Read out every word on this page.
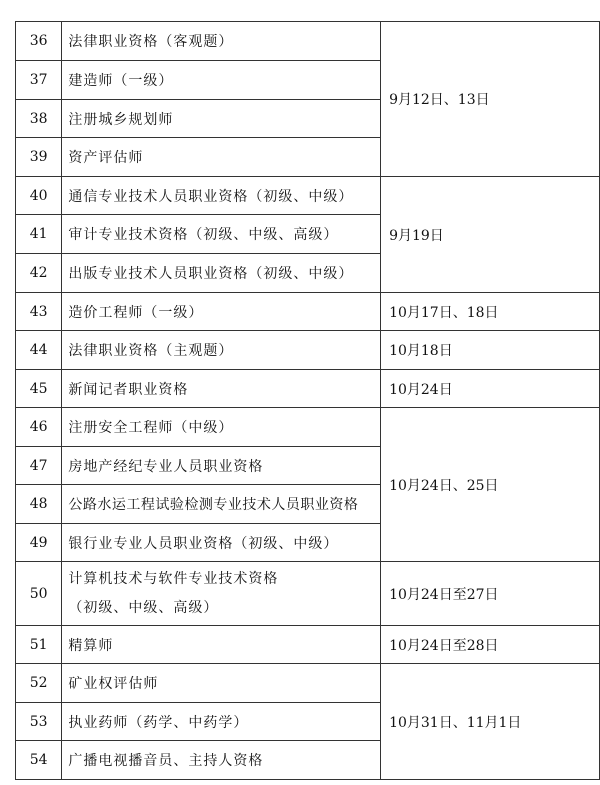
36	法律职业资格（客观题）	9月12日、13日
37	建造师（一级）	
38	注册城乡规划师	
39	资产评估师	
40	通信专业技术人员职业资格（初级、中级）	9月19日
41	审计专业技术资格（初级、中级、高级）	
42	出版专业技术人员职业资格（初级、中级）	
43	造价工程师（一级）	10月17日、18日
44	法律职业资格（主观题）	10月18日
45	新闻记者职业资格	10月24日
46	注册安全工程师（中级）	10月24日、25日
47	房地产经纪专业人员职业资格	
48	公路水运工程试验检测专业技术人员职业资格	
49	银行业专业人员职业资格（初级、中级）	
50	计算机技术与软件专业技术资格
（初级、中级、高级）	10月24日至27日
51	精算师	10月24日至28日
52	矿业权评估师	10月31日、11月1日
53	执业药师（药学、中药学）	
54	广播电视播音员、主持人资格	
